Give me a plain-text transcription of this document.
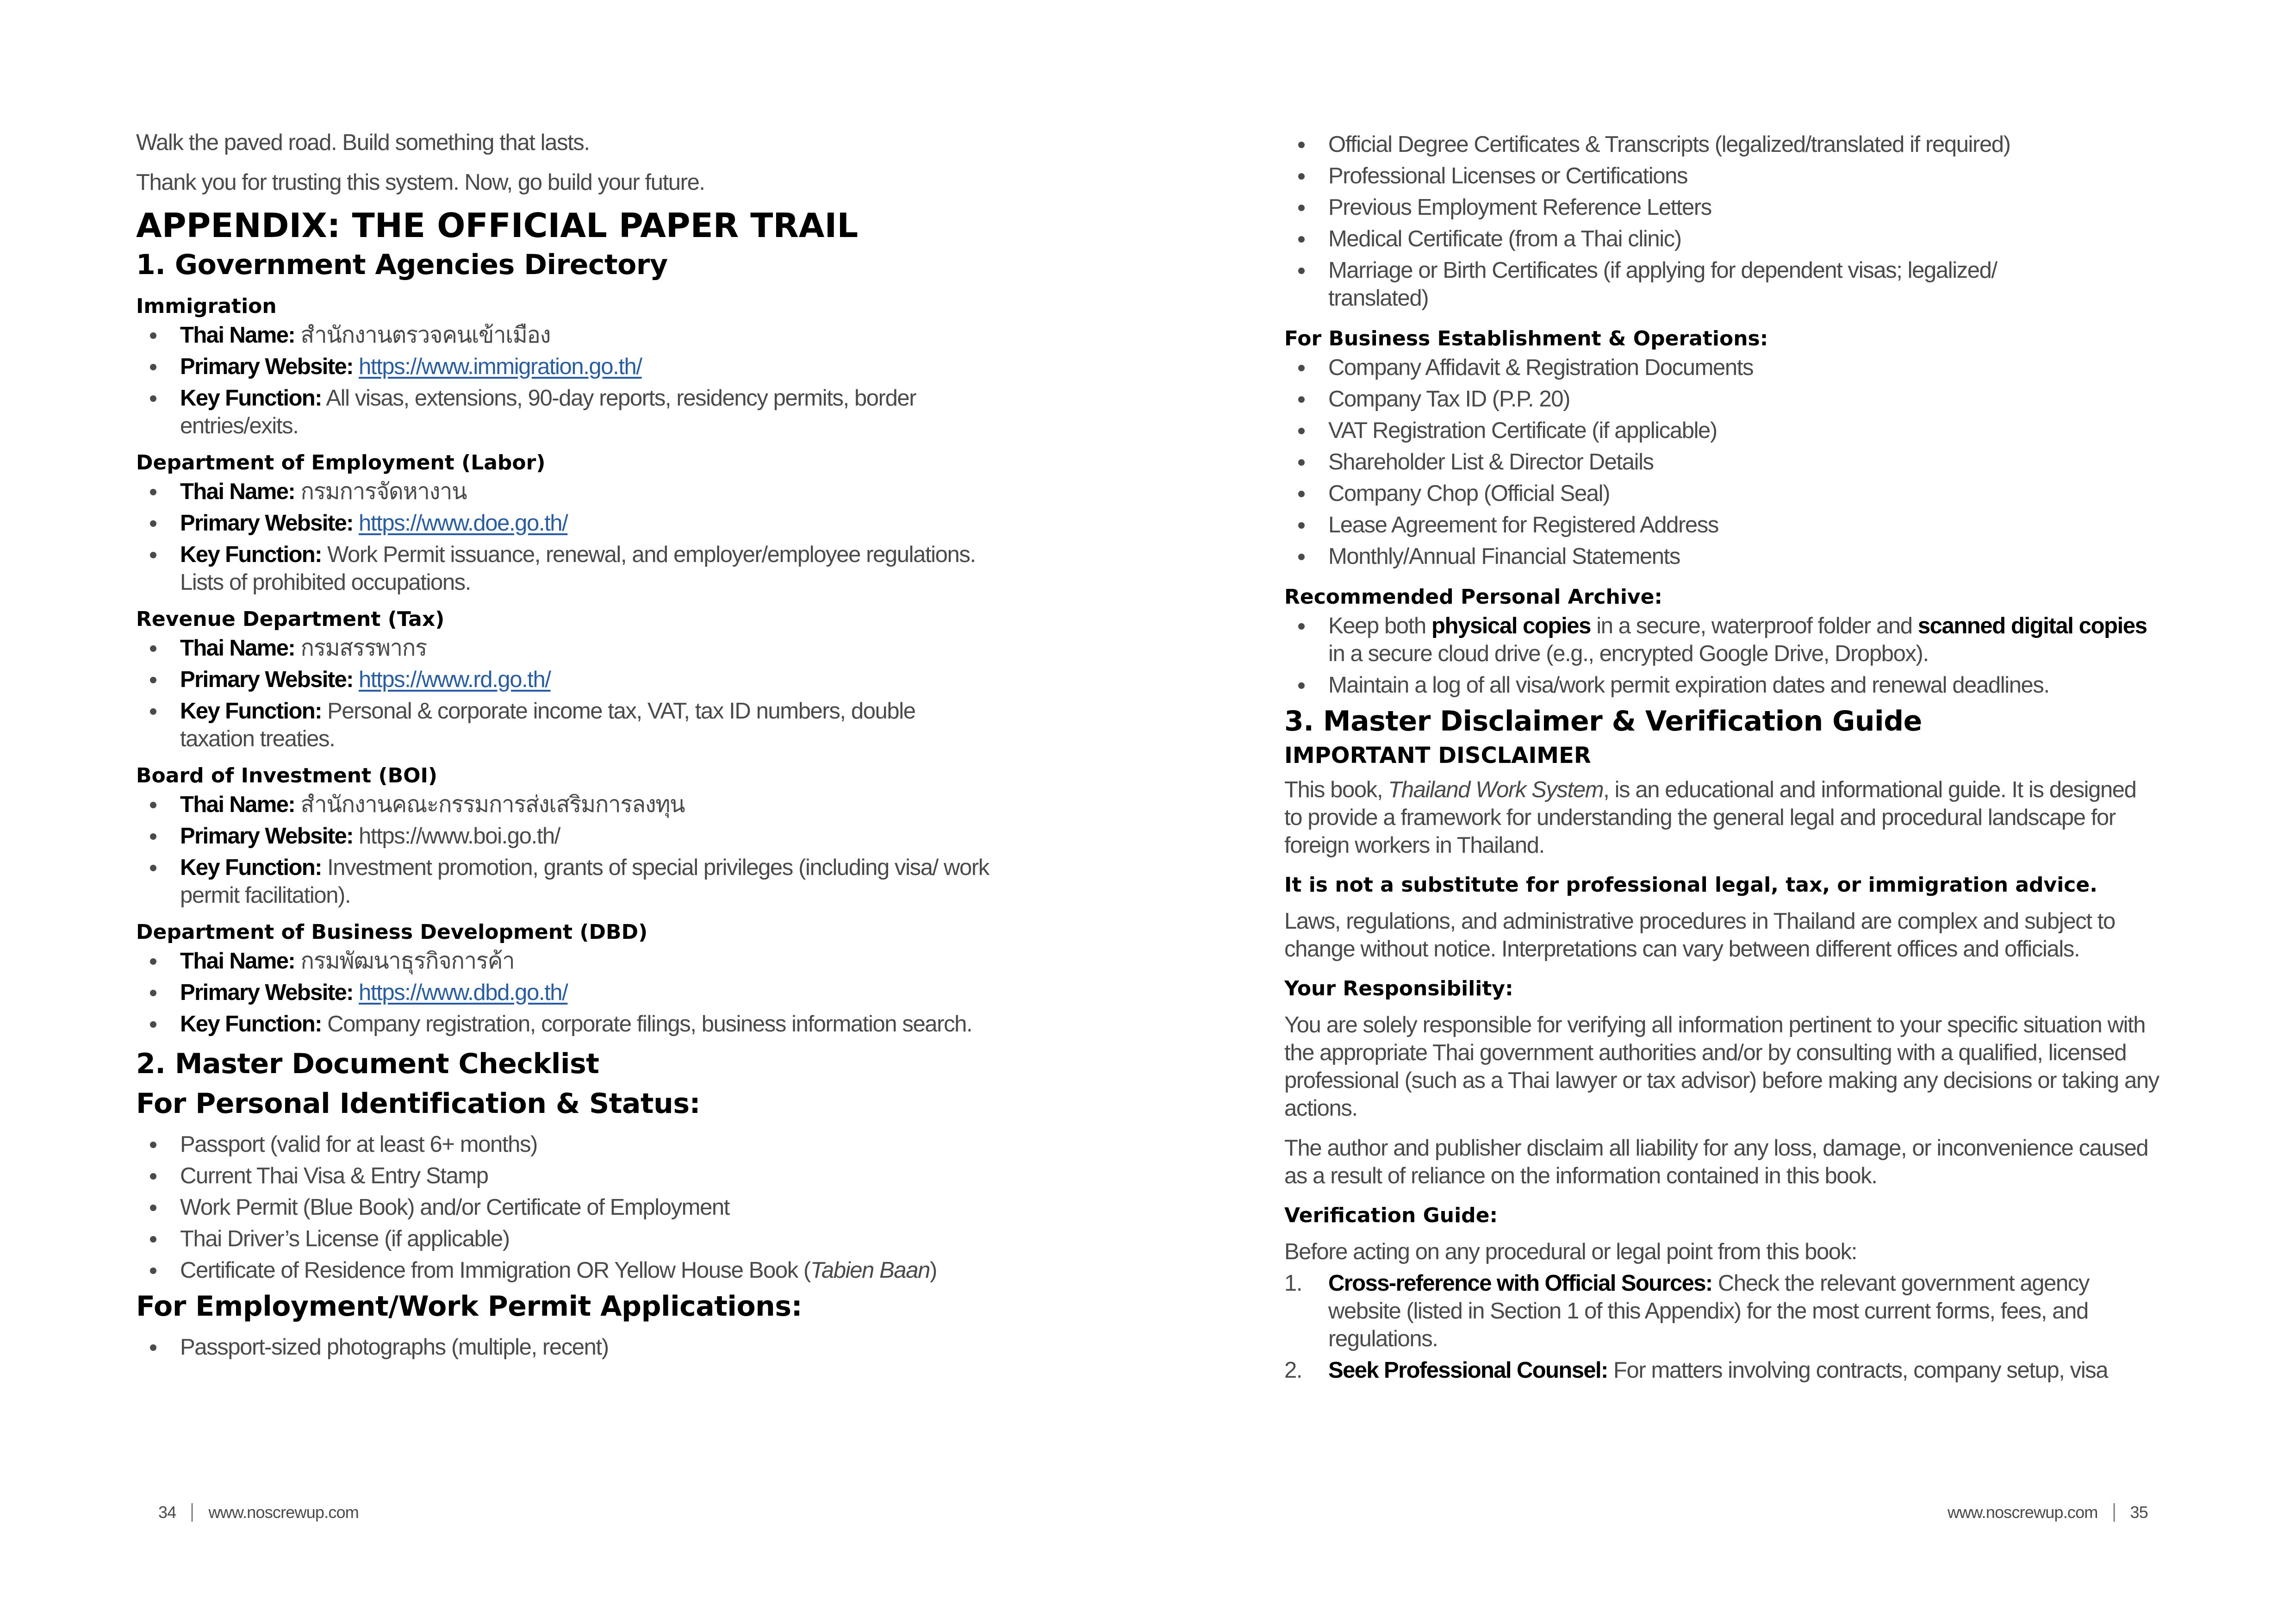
Walk the paved road. Build something that lasts.

Thank you for trusting this system. Now, go build your future.

APPENDIX: THE OFFICIAL PAPER TRAIL
1. Government Agencies Directory
Immigration
Thai Name: สำนักงานตรวจคนเข้าเมือง
Primary Website: https://www.immigration.go.th/
Key Function: All visas, extensions, 90-day reports, residency permits, border entries/exits.
Department of Employment (Labor)
Thai Name: กรมการจัดหางาน
Primary Website: https://www.doe.go.th/
Key Function: Work Permit issuance, renewal, and employer/employee regulations. Lists of prohibited occupations.
Revenue Department (Tax)
Thai Name: กรมสรรพากร
Primary Website: https://www.rd.go.th/
Key Function: Personal & corporate income tax, VAT, tax ID numbers, double taxation treaties.
Board of Investment (BOI)
Thai Name: สำนักงานคณะกรรมการส่งเสริมการลงทุน
Primary Website: https://www.boi.go.th/
Key Function: Investment promotion, grants of special privileges (including visa/ work permit facilitation).
Department of Business Development (DBD)
Thai Name: กรมพัฒนาธุรกิจการค้า
Primary Website: https://www.dbd.go.th/
Key Function: Company registration, corporate filings, business information search.
2. Master Document Checklist
For Personal Identification & Status:
Passport (valid for at least 6+ months)
Current Thai Visa & Entry Stamp
Work Permit (Blue Book) and/or Certificate of Employment
Thai Driver’s License (if applicable)
Certificate of Residence from Immigration OR Yellow House Book (Tabien Baan)
For Employment/Work Permit Applications:
Passport-sized photographs (multiple, recent)
34 www.noscrewup.com
Official Degree Certificates & Transcripts (legalized/translated if required)
Professional Licenses or Certifications
Previous Employment Reference Letters
Medical Certificate (from a Thai clinic)
Marriage or Birth Certificates (if applying for dependent visas; legalized/ translated)
For Business Establishment & Operations:
Company Affidavit & Registration Documents
Company Tax ID (P.P. 20)
VAT Registration Certificate (if applicable)
Shareholder List & Director Details
Company Chop (Official Seal)
Lease Agreement for Registered Address
Monthly/Annual Financial Statements
Recommended Personal Archive:
Keep both physical copies in a secure, waterproof folder and scanned digital copies in a secure cloud drive (e.g., encrypted Google Drive, Dropbox).
Maintain a log of all visa/work permit expiration dates and renewal deadlines.
3. Master Disclaimer & Verification Guide
IMPORTANT DISCLAIMER

This book, Thailand Work System, is an educational and informational guide. It is designed to provide a framework for understanding the general legal and procedural landscape for foreign workers in Thailand.

It is not a substitute for professional legal, tax, or immigration advice.

Laws, regulations, and administrative procedures in Thailand are complex and subject to change without notice. Interpretations can vary between different offices and officials.

Your Responsibility:

You are solely responsible for verifying all information pertinent to your specific situation with the appropriate Thai government authorities and/or by consulting with a qualified, licensed professional (such as a Thai lawyer or tax advisor) before making any decisions or taking any actions.

The author and publisher disclaim all liability for any loss, damage, or inconvenience caused as a result of reliance on the information contained in this book.

Verification Guide:

Before acting on any procedural or legal point from this book:

1. Cross-reference with Official Sources: Check the relevant government agency website (listed in Section 1 of this Appendix) for the most current forms, fees, and regulations.
2. Seek Professional Counsel: For matters involving contracts, company setup, visa
www.noscrewup.com 35
